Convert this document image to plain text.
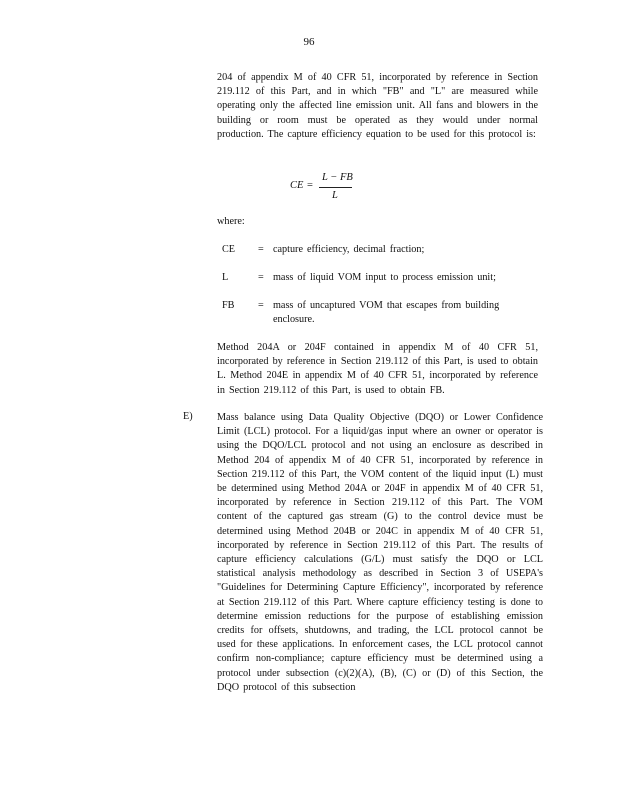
96
204 of appendix M of 40 CFR 51, incorporated by reference in Section 219.112 of this Part, and in which "FB" and "L" are measured while operating only the affected line emission unit. All fans and blowers in the building or room must be operated as they would under normal production. The capture efficiency equation to be used for this protocol is:
CE =
L − FB
L
where:
CE = capture efficiency, decimal fraction;
L	= mass of liquid VOM input to process emission unit;
FB = mass of uncaptured VOM that escapes from building enclosure.
Method 204A or 204F contained in appendix M of 40 CFR 51, incorporated by reference in Section 219.112 of this Part, is used to obtain L. Method 204E in appendix M of 40 CFR 51, incorporated by reference in Section 219.112 of this Part, is used to obtain FB.
E) Mass balance using Data Quality Objective (DQO) or Lower Confidence Limit (LCL) protocol. For a liquid/gas input where an owner or operator is using the DQO/LCL protocol and not using an enclosure as described in Method 204 of appendix M of 40 CFR 51, incorporated by reference in Section 219.112 of this Part, the VOM content of the liquid input (L) must be determined using Method 204A or 204F in appendix M of 40 CFR 51, incorporated by reference in Section 219.112 of this Part. The VOM content of the captured gas stream (G) to the control device must be determined using Method 204B or 204C in appendix M of 40 CFR 51, incorporated by reference in Section 219.112 of this Part. The results of capture efficiency calculations (G/L) must satisfy the DQO or LCL statistical analysis methodology as described in Section 3 of USEPA's "Guidelines for Determining Capture Efficiency", incorporated by reference at Section 219.112 of this Part. Where capture efficiency testing is done to determine emission reductions for the purpose of establishing emission credits for offsets, shutdowns, and trading, the LCL protocol cannot be used for these applications. In enforcement cases, the LCL protocol cannot confirm non-compliance; capture efficiency must be determined using a protocol under subsection (c)(2)(A), (B), (C) or (D) of this Section, the DQO protocol of this subsection
